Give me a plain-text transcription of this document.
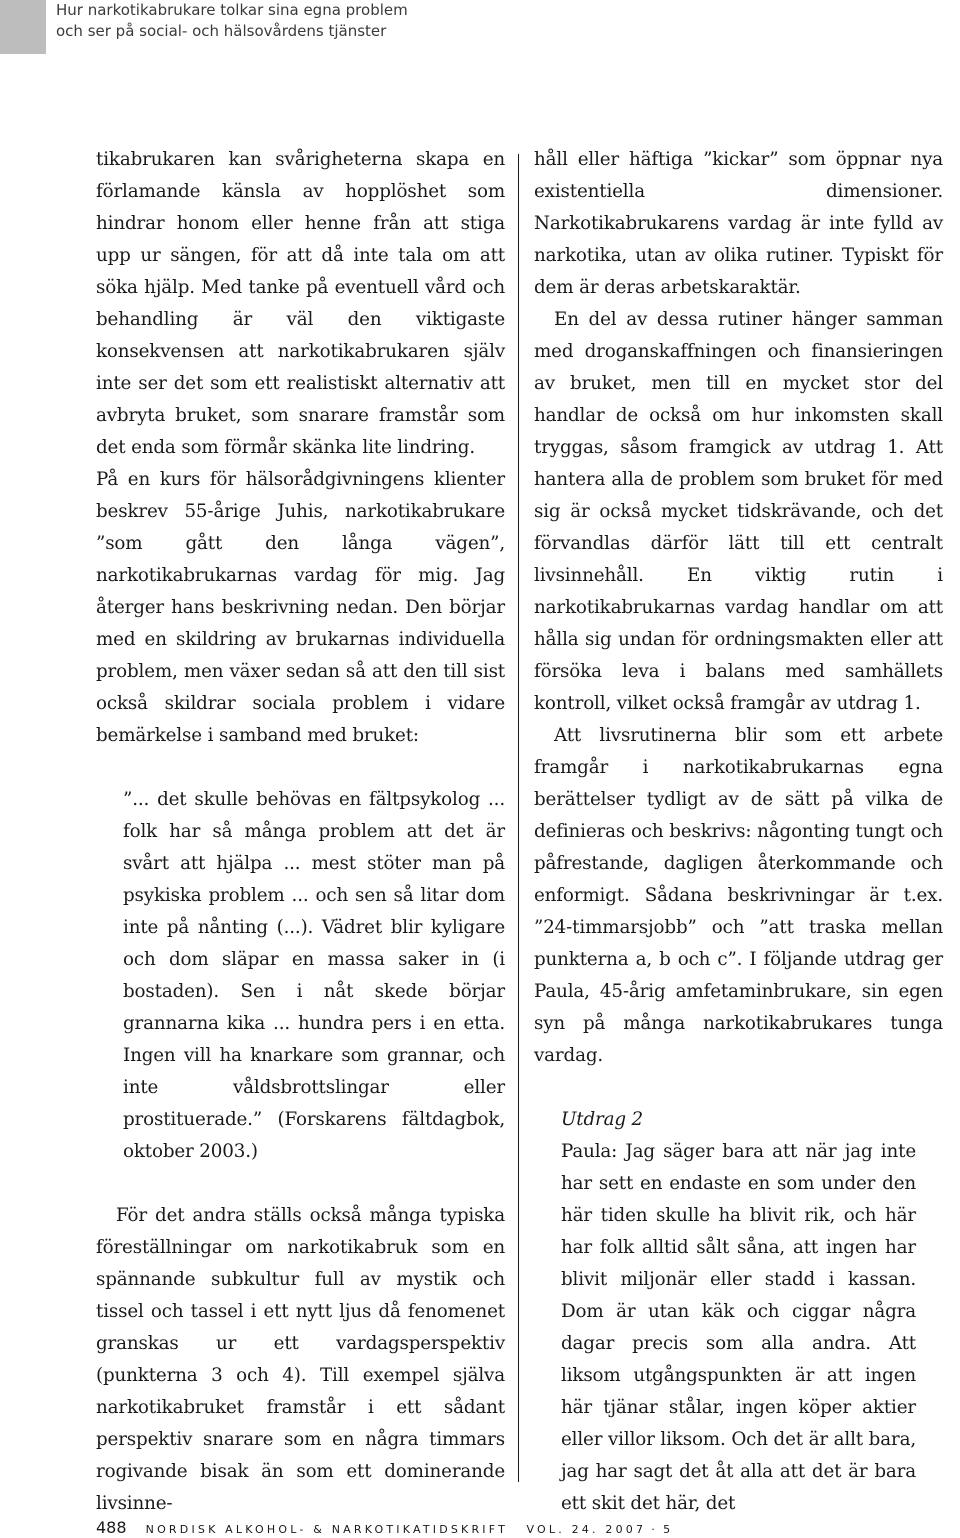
Hur narkotikabrukare tolkar sina egna problem
och ser på social- och hälsovårdens tjänster

tikabrukaren kan svårigheterna skapa en förlamande känsla av hopplöshet som hindrar honom eller henne från att stiga upp ur sängen, för att då inte tala om att söka hjälp. Med tanke på eventuell vård och behandling är väl den viktigaste konsekvensen att narkotikabrukaren själv inte ser det som ett realistiskt alternativ att avbryta bruket, som snarare framstår som det enda som förmår skänka lite lindring.

På en kurs för hälsorådgivningens klienter beskrev 55-årige Juhis, narkotikabrukare ”som gått den långa vägen”, narkotikabrukarnas vardag för mig. Jag återger hans beskrivning nedan. Den börjar med en skildring av brukarnas individuella problem, men växer sedan så att den till sist också skildrar sociala problem i vidare bemärkelse i samband med bruket:

”... det skulle behövas en fältpsykolog ... folk har så många problem att det är svårt att hjälpa ... mest stöter man på psykiska problem ... och sen så litar dom inte på nånting (...). Vädret blir kyligare och dom släpar en massa saker in (i bostaden). Sen i nåt skede börjar grannarna kika ... hundra pers i en etta. Ingen vill ha knarkare som grannar, och inte våldsbrottslingar eller prostituerade.” (Forskarens fältdagbok, oktober 2003.)

För det andra ställs också många typiska föreställningar om narkotikabruk som en spännande subkultur full av mystik och tissel och tassel i ett nytt ljus då fenomenet granskas ur ett vardagsperspektiv (punkterna 3 och 4). Till exempel själva narkotikabruket framstår i ett sådant perspektiv snarare som en några timmars rogivande bisak än som ett dominerande livsinne-

håll eller häftiga ”kickar” som öppnar nya existentiella dimensioner. Narkotikabrukarens vardag är inte fylld av narkotika, utan av olika rutiner. Typiskt för dem är deras arbetskaraktär.

En del av dessa rutiner hänger samman med droganskaffningen och finansieringen av bruket, men till en mycket stor del handlar de också om hur inkomsten skall tryggas, såsom framgick av utdrag 1. Att hantera alla de problem som bruket för med sig är också mycket tidskrävande, och det förvandlas därför lätt till ett centralt livsinnehåll. En viktig rutin i narkotikabrukarnas vardag handlar om att hålla sig undan för ordningsmakten eller att försöka leva i balans med samhällets kontroll, vilket också framgår av utdrag 1.

Att livsrutinerna blir som ett arbete framgår i narkotikabrukarnas egna berättelser tydligt av de sätt på vilka de definieras och beskrivs: någonting tungt och påfrestande, dagligen återkommande och enformigt. Sådana beskrivningar är t.ex. ”24-timmarsjobb” och ”att traska mellan punkterna a, b och c”. I följande utdrag ger Paula, 45-årig amfetaminbrukare, sin egen syn på många narkotikabrukares tunga vardag.

Utdrag 2

Paula: Jag säger bara att när jag inte har sett en endaste en som under den här tiden skulle ha blivit rik, och här har folk alltid sålt såna, att ingen har blivit miljonär eller stadd i kassan. Dom är utan käk och ciggar några dagar precis som alla andra. Att liksom utgångspunkten är att ingen här tjänar stålar, ingen köper aktier eller villor liksom. Och det är allt bara, jag har sagt det åt alla att det är bara ett skit det här, det

488 NORDISK ALKOHOL- & NARKOTIKATIDSKRIFT VOL. 24. 2007 · 5
